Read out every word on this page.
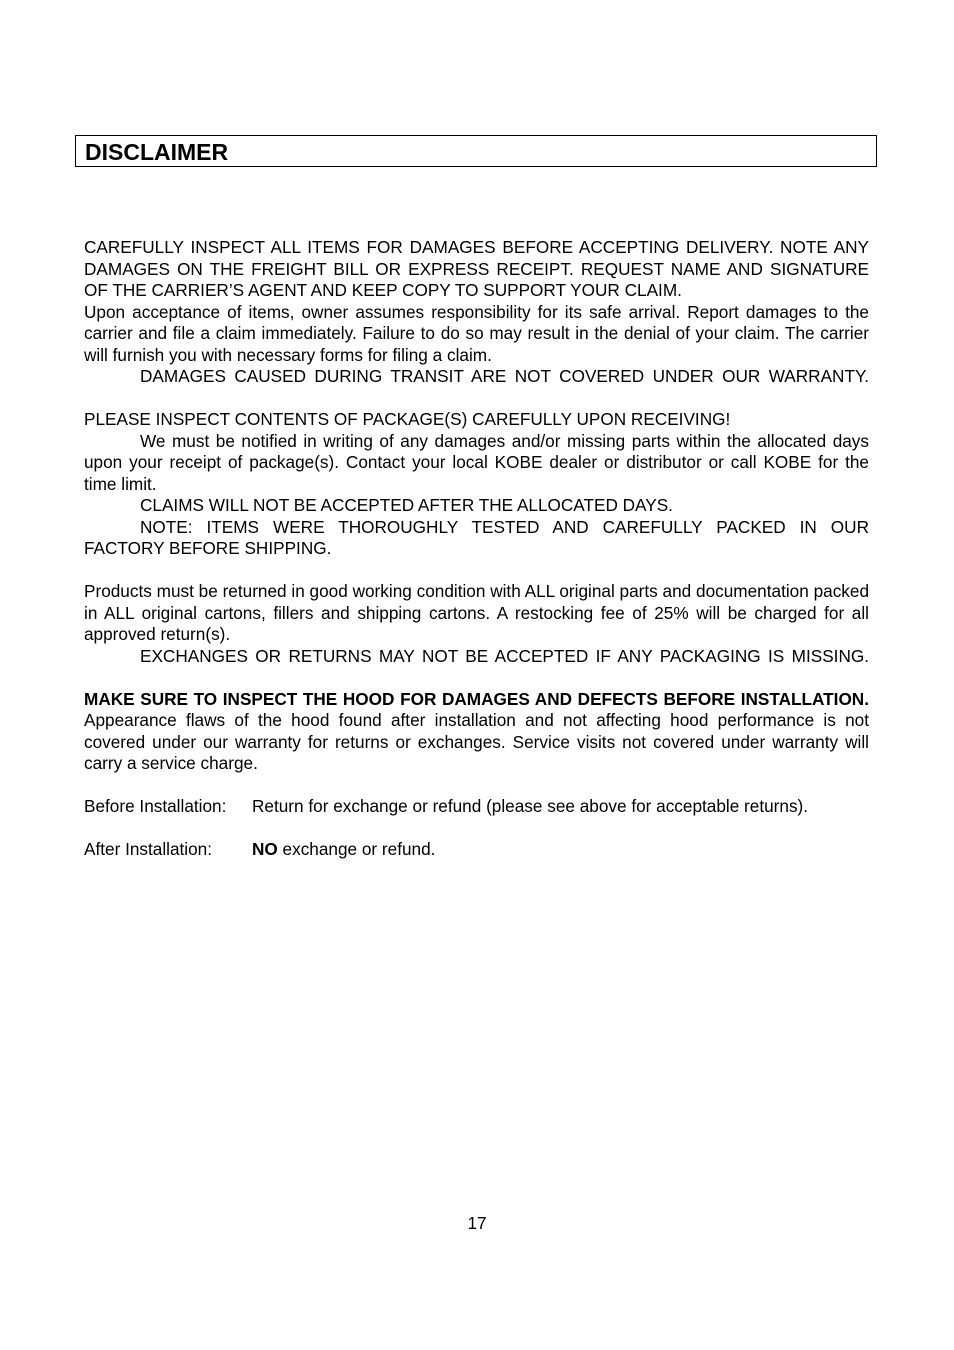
DISCLAIMER

CAREFULLY INSPECT ALL ITEMS FOR DAMAGES BEFORE ACCEPTING DELIVERY. NOTE ANY DAMAGES ON THE FREIGHT BILL OR EXPRESS RECEIPT. REQUEST NAME AND SIGNATURE OF THE CARRIER’S AGENT AND KEEP COPY TO SUPPORT YOUR CLAIM.

Upon acceptance of items, owner assumes responsibility for its safe arrival. Report damages to the carrier and file a claim immediately. Failure to do so may result in the denial of your claim. The carrier will furnish you with necessary forms for filing a claim.

DAMAGES CAUSED DURING TRANSIT ARE NOT COVERED UNDER OUR WARRANTY.

PLEASE INSPECT CONTENTS OF PACKAGE(S) CAREFULLY UPON RECEIVING!

We must be notified in writing of any damages and/or missing parts within the allocated days upon your receipt of package(s). Contact your local KOBE dealer or distributor or call KOBE for the time limit.

CLAIMS WILL NOT BE ACCEPTED AFTER THE ALLOCATED DAYS.

NOTE: ITEMS WERE THOROUGHLY TESTED AND CAREFULLY PACKED IN OUR FACTORY BEFORE SHIPPING.

Products must be returned in good working condition with ALL original parts and documentation packed in ALL original cartons, fillers and shipping cartons. A restocking fee of 25% will be charged for all approved return(s).

EXCHANGES OR RETURNS MAY NOT BE ACCEPTED IF ANY PACKAGING IS MISSING.

MAKE SURE TO INSPECT THE HOOD FOR DAMAGES AND DEFECTS BEFORE INSTALLATION. Appearance flaws of the hood found after installation and not affecting hood performance is not covered under our warranty for returns or exchanges. Service visits not covered under warranty will carry a service charge.

Before Installation:	Return for exchange or refund (please see above for acceptable returns).
After Installation:	NO exchange or refund.
17
